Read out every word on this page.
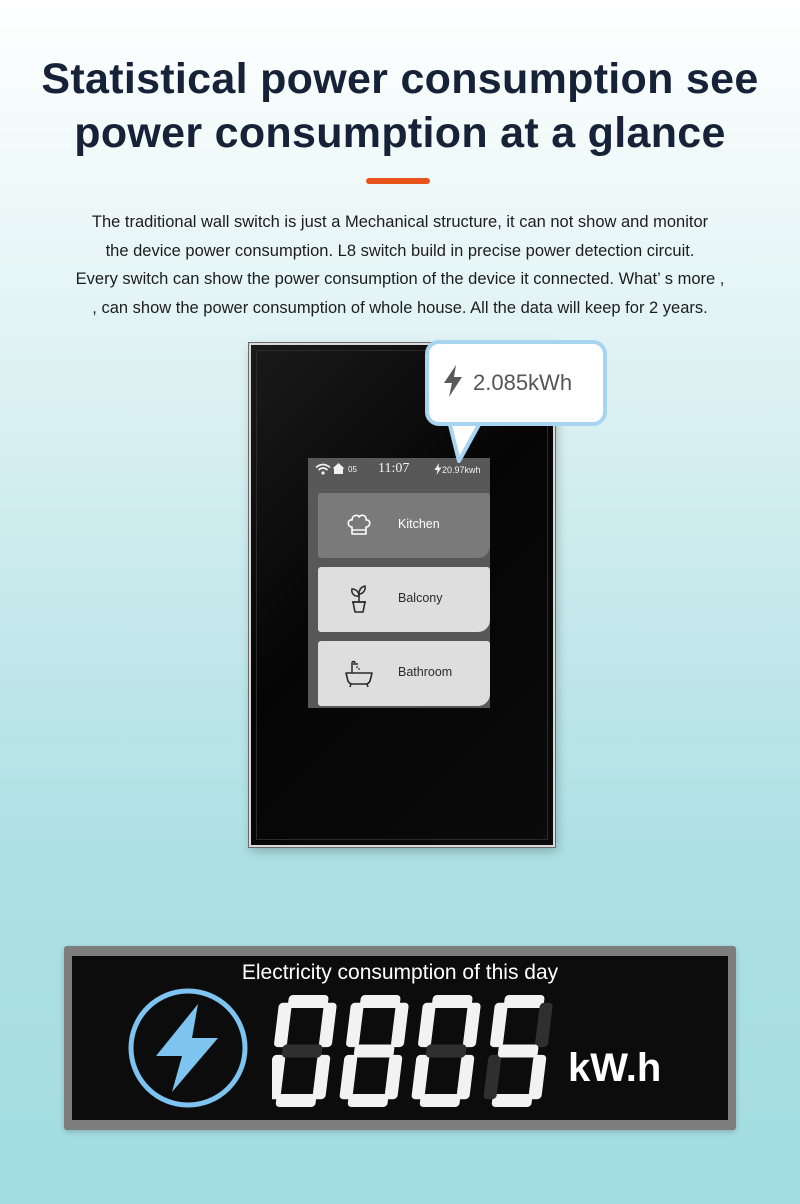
Statistical power consumption see
power consumption at a glance
The traditional wall switch is just a Mechanical structure, it can not show and monitor
the device power consumption. L8 switch build in precise power detection circuit.
Every switch can show the power consumption of the device it connected. What’ s more ,
, can show the power consumption of whole house. All the data will keep for 2 years.
05 11:07	20.97kwh
Kitchen
Balcony
Bathroom
2.085kWh
Electricity consumption of this day
kW.h
